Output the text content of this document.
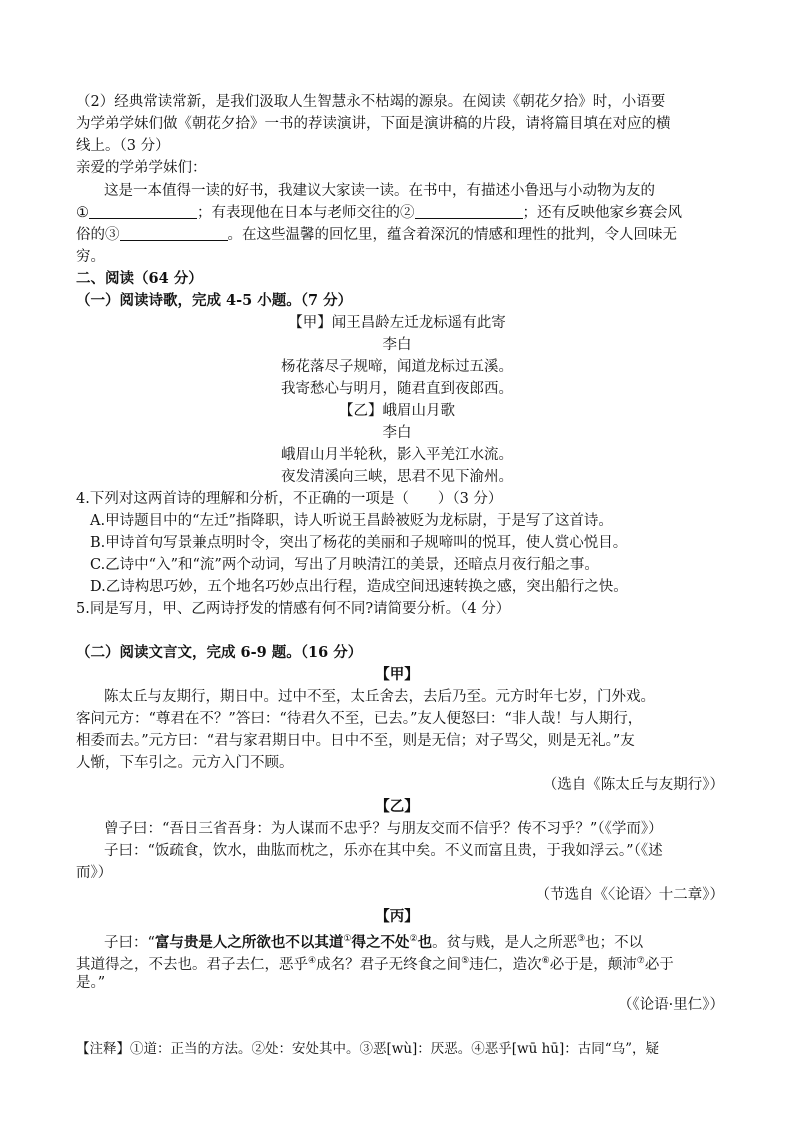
（2）经典常读常新，是我们汲取人生智慧永不枯竭的源泉。在阅读《朝花夕拾》时，小语要
为学弟学妹们做《朝花夕拾》一书的荐读演讲，下面是演讲稿的片段，请将篇目填在对应的横
线上。（3 分）
亲爱的学弟学妹们：
这是一本值得一读的好书，我建议大家读一读。在书中，有描述小鲁迅与小动物为友的
①	；有表现他在日本与老师交往的②	；还有反映他家乡赛会风
俗的③	。在这些温馨的回忆里，蕴含着深沉的情感和理性的批判，令人回味无
穷。
二、阅读（64 分）
（一）阅读诗歌，完成 4-5 小题。（7 分）
【甲】闻王昌龄左迁龙标遥有此寄
李白
杨花落尽子规啼，闻道龙标过五溪。
我寄愁心与明月，随君直到夜郎西。
【乙】峨眉山月歌
李白
峨眉山月半轮秋，影入平羌江水流。
夜发清溪向三峡，思君不见下渝州。
4.下列对这两首诗的理解和分析，不正确的一项是（　　）（3 分）
A.甲诗题目中的“左迁”指降职，诗人听说王昌龄被贬为龙标尉，于是写了这首诗。
B.甲诗首句写景兼点明时令，突出了杨花的美丽和子规啼叫的悦耳，使人赏心悦目。
C.乙诗中“入”和“流”两个动词，写出了月映清江的美景，还暗点月夜行船之事。
D.乙诗构思巧妙，五个地名巧妙点出行程，造成空间迅速转换之感，突出船行之快。
5.同是写月，甲、乙两诗抒发的情感有何不同?请简要分析。（4 分）
（二）阅读文言文，完成 6-9 题。（16 分）
【甲】
陈太丘与友期行，期日中。过中不至，太丘舍去，去后乃至。元方时年七岁，门外戏。
客问元方：“尊君在不？”答曰：“待君久不至，已去。”友人便怒曰：“非人哉！与人期行，
相委而去。”元方曰：“君与家君期日中。日中不至，则是无信；对子骂父，则是无礼。”友
人惭，下车引之。元方入门不顾。
（选自《陈太丘与友期行》）
【乙】
曾子曰：“吾日三省吾身：为人谋而不忠乎？与朋友交而不信乎？传不习乎？”（《学而》）
子曰：“饭疏食，饮水，曲肱而枕之，乐亦在其中矣。不义而富且贵，于我如浮云。”（《述
而》）
（节选自《〈论语〉十二章》）
【丙】
子曰：“富与贵是人之所欲也不以其道①得之不处②也。贫与贱，是人之所恶③也；不以
其道得之，不去也。君子去仁，恶乎④成名？君子无终食之间⑤违仁，造次⑥必于是，颠沛⑦必于
是。”
（《论语·里仁》）
【注释】①道：正当的方法。②处：安处其中。③恶[wù]：厌恶。④恶乎[wū hū]：古同“乌”，疑
